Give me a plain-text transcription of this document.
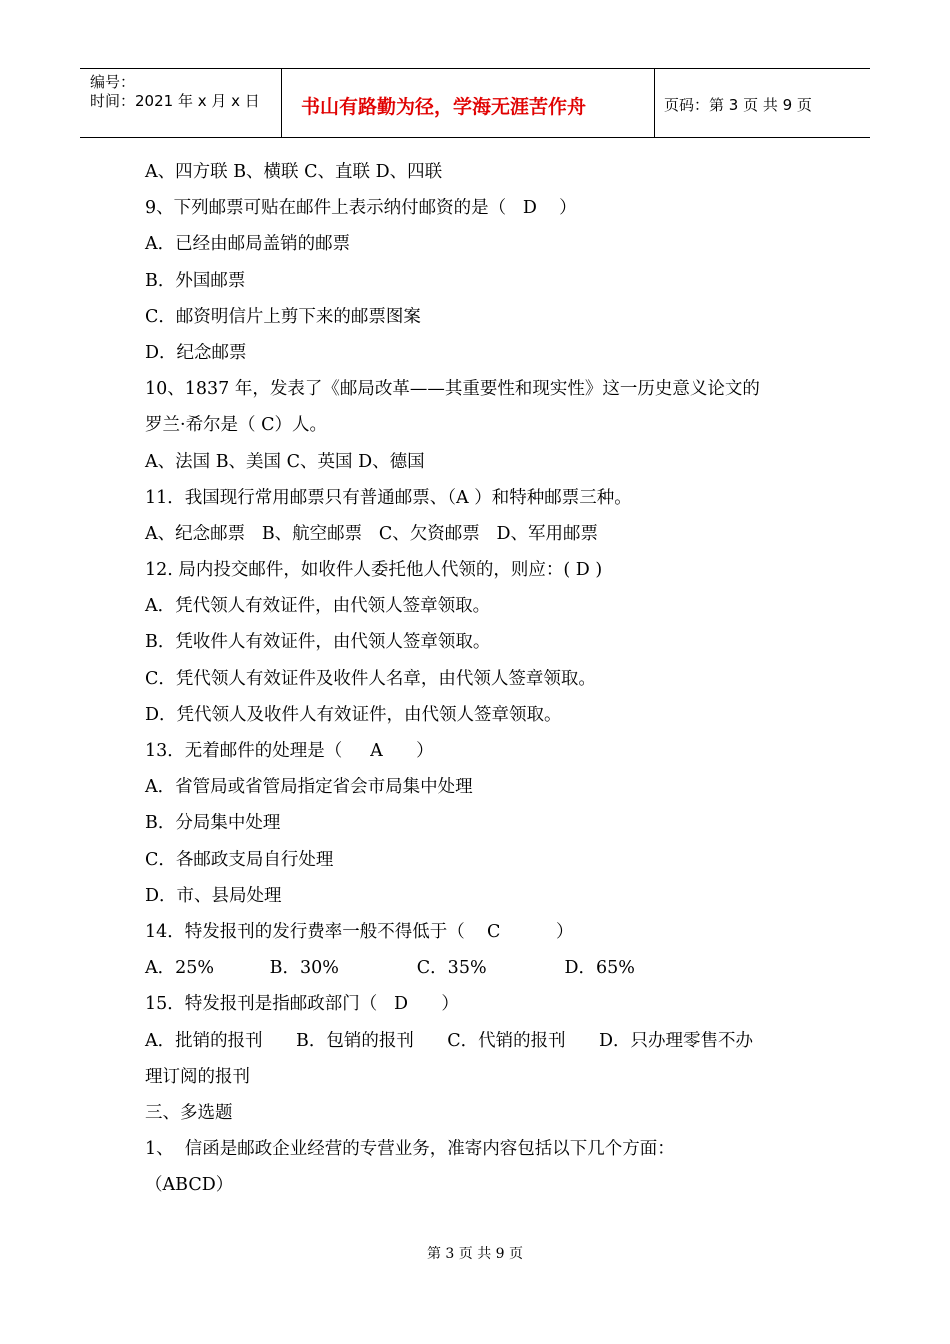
编号：
时间：2021 年 x 月 x 日 书山有路勤为径，学海无涯苦作舟	页码：第 3 页 共 9 页
A、四方联 B、横联 C、直联 D、四联
9、下列邮票可贴在邮件上表示纳付邮资的是（   D    ）
A．已经由邮局盖销的邮票
B．外国邮票
C．邮资明信片上剪下来的邮票图案
D．纪念邮票
10、1837 年，发表了《邮局改革——其重要性和现实性》这一历史意义论文的
罗兰·希尔是（ C）人。
A、法国 B、美国 C、英国 D、德国
11．我国现行常用邮票只有普通邮票、（A ）和特种邮票三种。
A、纪念邮票   B、航空邮票   C、欠资邮票   D、军用邮票
12. 局内投交邮件，如收件人委托他人代领的，则应：( D )
A．凭代领人有效证件，由代领人签章领取。
B．凭收件人有效证件，由代领人签章领取。
C．凭代领人有效证件及收件人名章，由代领人签章领取。
D．凭代领人及收件人有效证件，由代领人签章领取。
13．无着邮件的处理是（     A      ）
A．省管局或省管局指定省会市局集中处理
B．分局集中处理
C．各邮政支局自行处理
D．市、县局处理
14．特发报刊的发行费率一般不得低于（    C          ）
A．25%          B．30%              C．35%              D．65%
15．特发报刊是指邮政部门（   D      ）
A．批销的报刊      B．包销的报刊      C．代销的报刊      D．只办理零售不办
理订阅的报刊
三、多选题
1、  信函是邮政企业经营的专营业务，准寄内容包括以下几个方面：
（ABCD）
第 3 页 共 9 页
